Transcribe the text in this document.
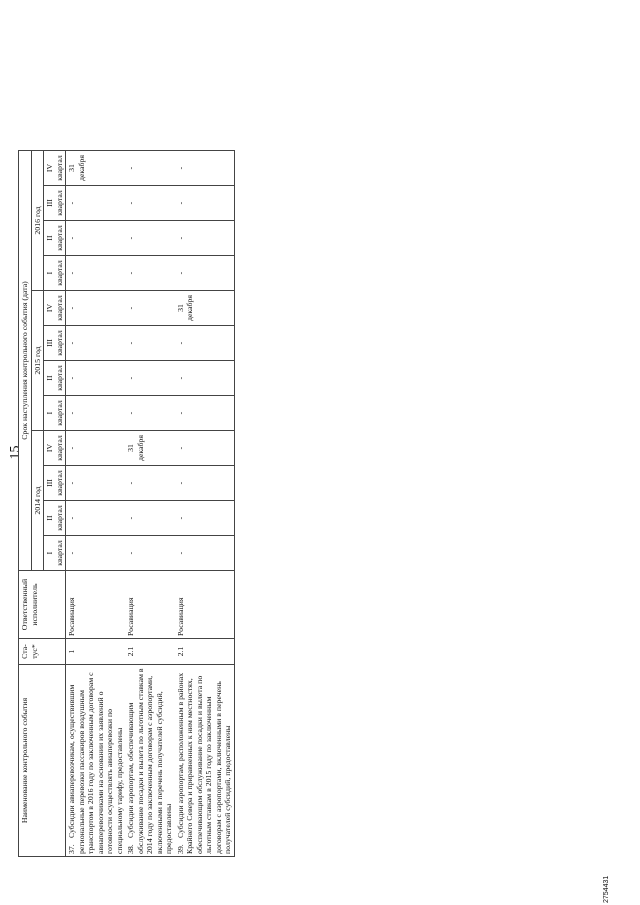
15
Наименование контрольного события	Ста-тус*	Ответственный исполнитель	Срок наступления контрольного события (дата)											
			2014 год				2015 год				2016 год			

			I квартал	II квартал	III квартал	IV квартал	I квартал	II квартал	III квартал	IV квартал	I квартал	II квартал	III квартал	IV квартал
37.Субсидии авиаперевозчикам, осуществившим региональные перевозки пассажиров воздушным транспортом в 2016 году по заключенным договорам с авиаперевозчиками на основании их заявлений о готовности осуществлять авиаперевозки по специальному тарифу, предоставлены	1	Росавиация	-	-	-	-	-	-	-	-	-	-	-	31 декабря
38.Субсидии аэропортам, обеспечивающим обслуживание посадки и вылета по льготным ставкам в 2014 году по заключенным договорам с аэропортами, включенными в перечень получателей субсидий, предоставлены	2.1	Росавиация	-	-	-	31 декабря	-	-	-	-	-	-	-	-
39.Субсидии аэропортам, расположенным в районах Крайнего Севера и приравненных к ним местностях, обеспечивающим обслуживание посадки и вылета по льготным ставкам в 2015 году по заключенным договорам с аэропортами, включенными в перечень получателей субсидий, предоставлены	2.1	Росавиация	-	-	-	-	-	-	-	31 декабря	-	-	-	-
2754431
